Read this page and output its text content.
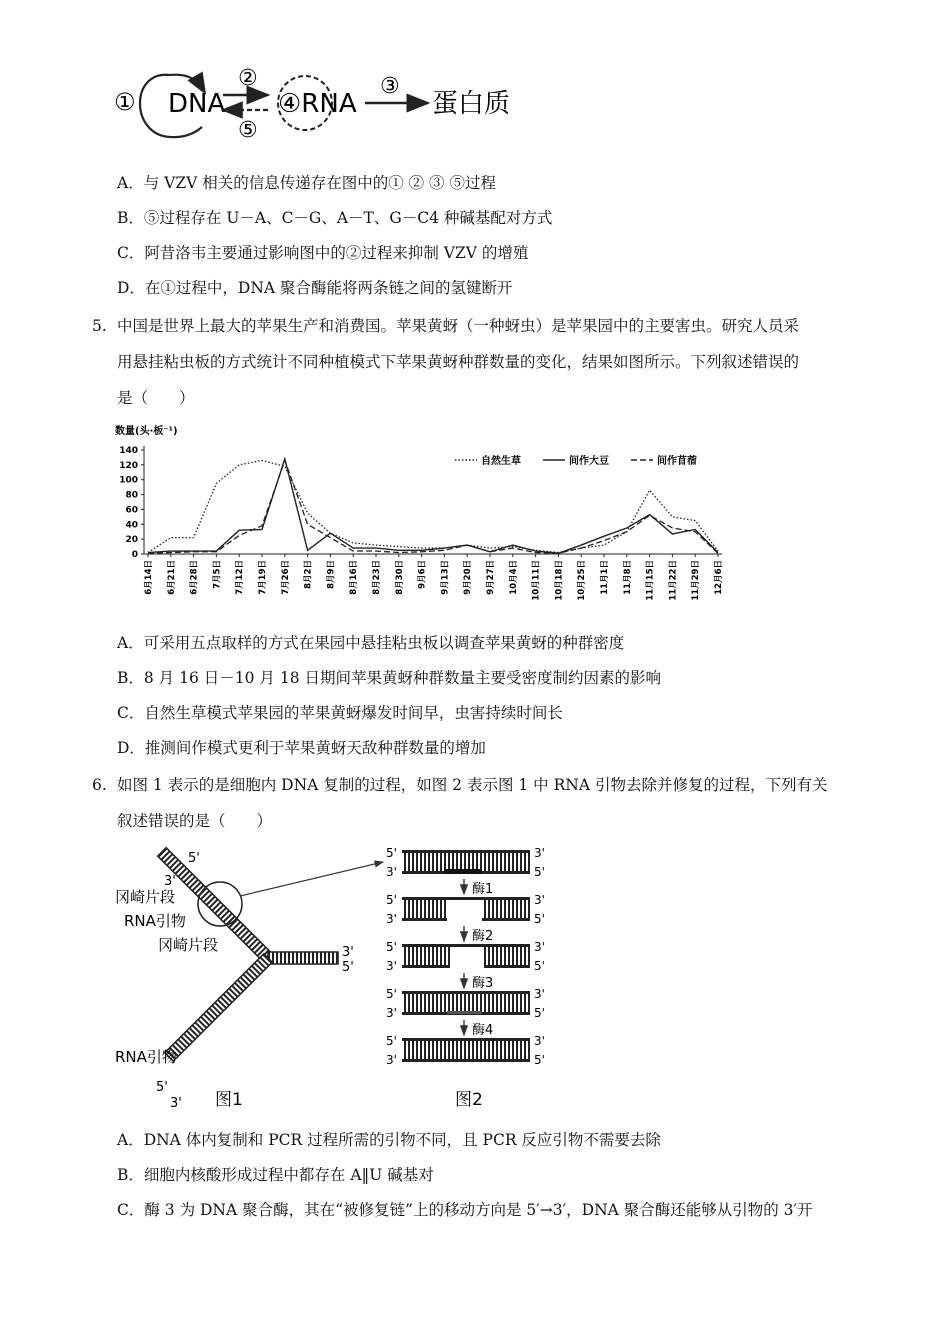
① DNA
②
⑤
④RNA
③
蛋白质
A．与 VZV 相关的信息传递存在图中的① ② ③ ⑤过程
B．⑤过程存在 U－A、C－G、A－T、G－C4 种碱基配对方式
C．阿昔洛韦主要通过影响图中的②过程来抑制 VZV 的增殖
D．在①过程中，DNA 聚合酶能将两条链之间的氢键断开
5. 中国是世界上最大的苹果生产和消费国。苹果黄蚜（一种蚜虫）是苹果园中的主要害虫。研究人员采
用悬挂粘虫板的方式统计不同种植模式下苹果黄蚜种群数量的变化，结果如图所示。下列叙述错误的
是（　　）
数量(头·板⁻¹)
0
20
40
60
80
100
120
140
6月14日 6月21日 6月28日 7月5日 7月12日 7月19日 7月26日 8月2日 8月9日 8月16日 8月23日 8月30日 9月6日 9月13日 9月20日 9月27日 10月4日 10月11日 10月18日 10月25日 11月1日 11月8日 11月15日 11月22日 11月29日 12月6日
自然生草	间作大豆	间作苜蓿
A．可采用五点取样的方式在果园中悬挂粘虫板以调查苹果黄蚜的种群密度
B．8 月 16 日－10 月 18 日期间苹果黄蚜种群数量主要受密度制约因素的影响
C．自然生草模式苹果园的苹果黄蚜爆发时间早，虫害持续时间长
D．推测间作模式更利于苹果黄蚜天敌种群数量的增加
6. 如图 1 表示的是细胞内 DNA 复制的过程，如图 2 表示图 1 中 RNA 引物去除并修复的过程，下列有关
叙述错误的是（　　）
5'
3'
冈崎片段
RNA引物
冈崎片段	3'
5'
RNA引物
5'
3' 图1
5'
3'
3'
5'
酶1
5'
3'
3'
5'
酶2
5'
3'
3'
5'
酶3
5'
3'
3'
5'
酶4
5'
3'
3'
5'
图2
A．DNA 体内复制和 PCR 过程所需的引物不同，且 PCR 反应引物不需要去除
B．细胞内核酸形成过程中都存在 A‖U 碱基对
C．酶 3 为 DNA 聚合酶，其在“被修复链”上的移动方向是 5′→3′，DNA 聚合酶还能够从引物的 3′开
